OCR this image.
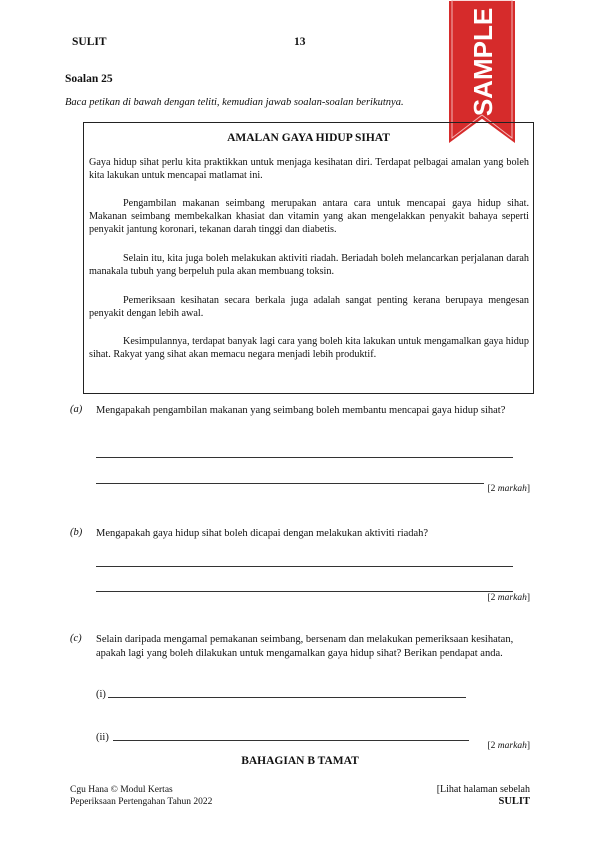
SULIT	13	SAMPLE
Soalan 25
Baca petikan di bawah dengan teliti, kemudian jawab soalan-soalan berikutnya.
AMALAN GAYA HIDUP SIHAT
Gaya hidup sihat perlu kita praktikkan untuk menjaga kesihatan diri. Terdapat pelbagai amalan yang boleh kita lakukan untuk mencapai matlamat ini.
Pengambilan makanan seimbang merupakan antara cara untuk mencapai gaya hidup sihat. Makanan seimbang membekalkan khasiat dan vitamin yang akan mengelakkan penyakit bahaya seperti penyakit jantung koronari, tekanan darah tinggi dan diabetis.
Selain itu, kita juga boleh melakukan aktiviti riadah. Beriadah boleh melancarkan perjalanan darah manakala tubuh yang berpeluh pula akan membuang toksin.
Pemeriksaan kesihatan secara berkala juga adalah sangat penting kerana berupaya mengesan penyakit dengan lebih awal.
Kesimpulannya, terdapat banyak lagi cara yang boleh kita lakukan untuk mengamalkan gaya hidup sihat. Rakyat yang sihat akan memacu negara menjadi lebih produktif.
(a) Mengapakah pengambilan makanan yang seimbang boleh membantu mencapai gaya hidup sihat?
[2 markah]
(b) Mengapakah gaya hidup sihat boleh dicapai dengan melakukan aktiviti riadah?
[2 markah]
(c) Selain daripada mengamal pemakanan seimbang, bersenam dan melakukan pemeriksaan kesihatan, apakah lagi yang boleh dilakukan untuk mengamalkan gaya hidup sihat? Berikan pendapat anda.
(i)
(ii)
[2 markah]
BAHAGIAN B TAMAT
Cgu Hana © Modul Kertas
Peperiksaan Pertengahan Tahun 2022
[Lihat halaman sebelah
SULIT
